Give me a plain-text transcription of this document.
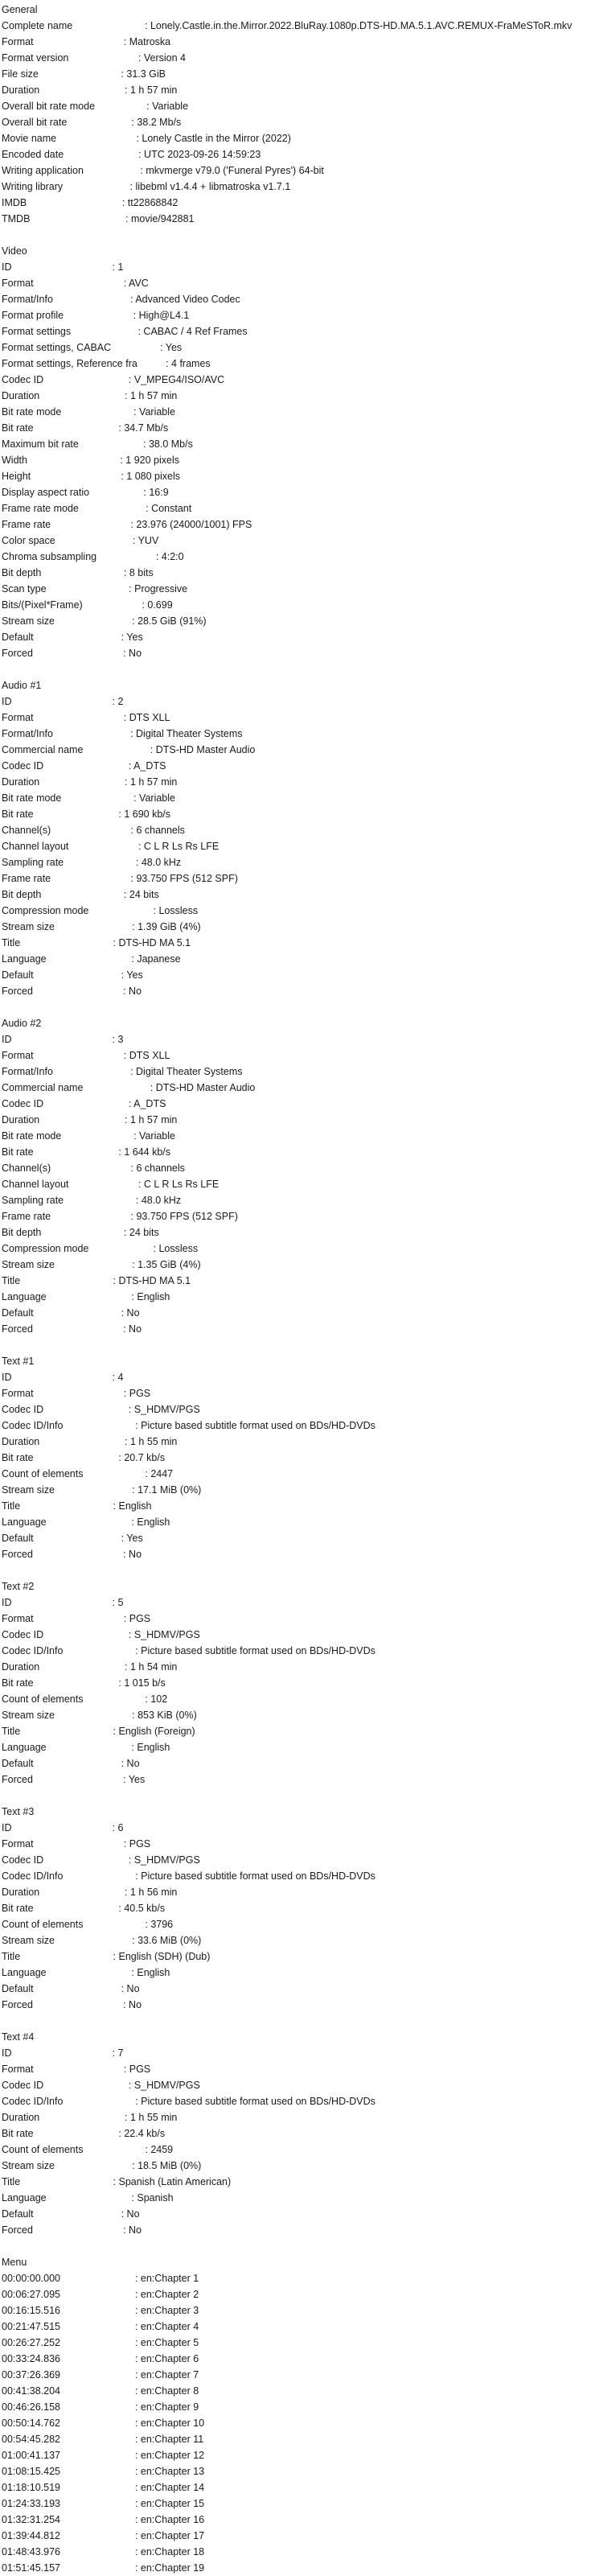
General
Complete name	: Lonely.Castle.in.the.Mirror.2022.BluRay.1080p.DTS-HD.MA.5.1.AVC.REMUX-FraMeSToR.mkv
Format	: Matroska
Format version	: Version 4
File size	: 31.3 GiB
Duration	: 1 h 57 min
Overall bit rate mode	: Variable
Overall bit rate	: 38.2 Mb/s
Movie name	: Lonely Castle in the Mirror (2022)
Encoded date	: UTC 2023-09-26 14:59:23
Writing application	: mkvmerge v79.0 ('Funeral Pyres') 64-bit
Writing library	: libebml v1.4.4 + libmatroska v1.7.1
IMDB	: tt22868842
TMDB	: movie/942881
Video
ID	: 1
Format	: AVC
Format/Info	: Advanced Video Codec
Format profile	: High@L4.1
Format settings	: CABAC / 4 Ref Frames
Format settings, CABAC	: Yes
Format settings, Reference fra	: 4 frames
Codec ID	: V_MPEG4/ISO/AVC
Duration	: 1 h 57 min
Bit rate mode	: Variable
Bit rate	: 34.7 Mb/s
Maximum bit rate	: 38.0 Mb/s
Width	: 1 920 pixels
Height	: 1 080 pixels
Display aspect ratio	: 16:9
Frame rate mode	: Constant
Frame rate	: 23.976 (24000/1001) FPS
Color space	: YUV
Chroma subsampling	: 4:2:0
Bit depth	: 8 bits
Scan type	: Progressive
Bits/(Pixel*Frame)	: 0.699
Stream size	: 28.5 GiB (91%)
Default	: Yes
Forced	: No
Audio #1
ID	: 2
Format	: DTS XLL
Format/Info	: Digital Theater Systems
Commercial name	: DTS-HD Master Audio
Codec ID	: A_DTS
Duration	: 1 h 57 min
Bit rate mode	: Variable
Bit rate	: 1 690 kb/s
Channel(s)	: 6 channels
Channel layout	: C L R Ls Rs LFE
Sampling rate	: 48.0 kHz
Frame rate	: 93.750 FPS (512 SPF)
Bit depth	: 24 bits
Compression mode	: Lossless
Stream size	: 1.39 GiB (4%)
Title	: DTS-HD MA 5.1
Language	: Japanese
Default	: Yes
Forced	: No
Audio #2
ID	: 3
Format	: DTS XLL
Format/Info	: Digital Theater Systems
Commercial name	: DTS-HD Master Audio
Codec ID	: A_DTS
Duration	: 1 h 57 min
Bit rate mode	: Variable
Bit rate	: 1 644 kb/s
Channel(s)	: 6 channels
Channel layout	: C L R Ls Rs LFE
Sampling rate	: 48.0 kHz
Frame rate	: 93.750 FPS (512 SPF)
Bit depth	: 24 bits
Compression mode	: Lossless
Stream size	: 1.35 GiB (4%)
Title	: DTS-HD MA 5.1
Language	: English
Default	: No
Forced	: No
Text #1
ID	: 4
Format	: PGS
Codec ID	: S_HDMV/PGS
Codec ID/Info	: Picture based subtitle format used on BDs/HD-DVDs
Duration	: 1 h 55 min
Bit rate	: 20.7 kb/s
Count of elements	: 2447
Stream size	: 17.1 MiB (0%)
Title	: English
Language	: English
Default	: Yes
Forced	: No
Text #2
ID	: 5
Format	: PGS
Codec ID	: S_HDMV/PGS
Codec ID/Info	: Picture based subtitle format used on BDs/HD-DVDs
Duration	: 1 h 54 min
Bit rate	: 1 015 b/s
Count of elements	: 102
Stream size	: 853 KiB (0%)
Title	: English (Foreign)
Language	: English
Default	: No
Forced	: Yes
Text #3
ID	: 6
Format	: PGS
Codec ID	: S_HDMV/PGS
Codec ID/Info	: Picture based subtitle format used on BDs/HD-DVDs
Duration	: 1 h 56 min
Bit rate	: 40.5 kb/s
Count of elements	: 3796
Stream size	: 33.6 MiB (0%)
Title	: English (SDH) (Dub)
Language	: English
Default	: No
Forced	: No
Text #4
ID	: 7
Format	: PGS
Codec ID	: S_HDMV/PGS
Codec ID/Info	: Picture based subtitle format used on BDs/HD-DVDs
Duration	: 1 h 55 min
Bit rate	: 22.4 kb/s
Count of elements	: 2459
Stream size	: 18.5 MiB (0%)
Title	: Spanish (Latin American)
Language	: Spanish
Default	: No
Forced	: No
Menu
00:00:00.000	: en:Chapter 1
00:06:27.095	: en:Chapter 2
00:16:15.516	: en:Chapter 3
00:21:47.515	: en:Chapter 4
00:26:27.252	: en:Chapter 5
00:33:24.836	: en:Chapter 6
00:37:26.369	: en:Chapter 7
00:41:38.204	: en:Chapter 8
00:46:26.158	: en:Chapter 9
00:50:14.762	: en:Chapter 10
00:54:45.282	: en:Chapter 11
01:00:41.137	: en:Chapter 12
01:08:15.425	: en:Chapter 13
01:18:10.519	: en:Chapter 14
01:24:33.193	: en:Chapter 15
01:32:31.254	: en:Chapter 16
01:39:44.812	: en:Chapter 17
01:48:43.976	: en:Chapter 18
01:51:45.157	: en:Chapter 19
